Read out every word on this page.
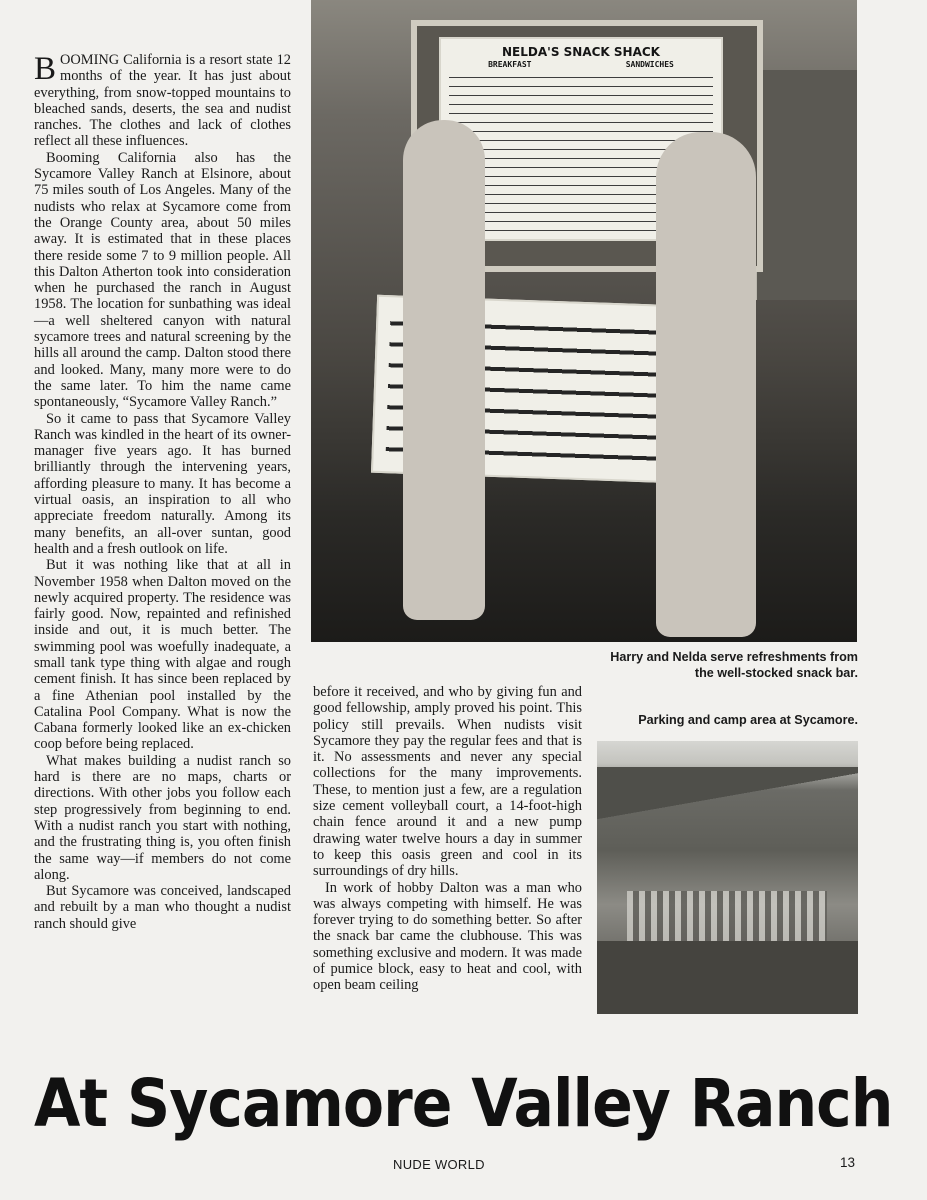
BOOMING California is a resort state 12 months of the year. It has just about everything, from snow-topped mountains to bleached sands, deserts, the sea and nudist ranches. The clothes and lack of clothes reflect all these influences.

Booming California also has the Sycamore Valley Ranch at Elsinore, about 75 miles south of Los Angeles. Many of the nudists who relax at Sycamore come from the Orange County area, about 50 miles away. It is estimated that in these places there reside some 7 to 9 million people. All this Dalton Atherton took into consideration when he purchased the ranch in August 1958. The location for sunbathing was ideal—a well sheltered canyon with natural sycamore trees and natural screening by the hills all around the camp. Dalton stood there and looked. Many, many more were to do the same later. To him the name came spontaneously, “Sycamore Valley Ranch.”

So it came to pass that Sycamore Valley Ranch was kindled in the heart of its owner-manager five years ago. It has burned brilliantly through the intervening years, affording pleasure to many. It has become a virtual oasis, an inspiration to all who appreciate freedom naturally. Among its many benefits, an all-over suntan, good health and a fresh outlook on life.

But it was nothing like that at all in November 1958 when Dalton moved on the newly acquired property. The residence was fairly good. Now, repainted and refinished inside and out, it is much better. The swimming pool was woefully inadequate, a small tank type thing with algae and rough cement finish. It has since been replaced by a fine Athenian pool installed by the Catalina Pool Company. What is now the Cabana formerly looked like an ex-chicken coop before being replaced.

What makes building a nudist ranch so hard is there are no maps, charts or directions. With other jobs you follow each step progressively from beginning to end. With a nudist ranch you start with nothing, and the frustrating thing is, you often finish the same way—if members do not come along.

But Sycamore was conceived, landscaped and rebuilt by a man who thought a nudist ranch should give

NELDA'S SNACK SHACK
BREAKFAST	SANDWICHES
Harry and Nelda serve refreshments from the well-stocked snack bar.
Parking and camp area at Sycamore.

before it received, and who by giving fun and good fellowship, amply proved his point. This policy still prevails. When nudists visit Sycamore they pay the regular fees and that is it. No assessments and never any special collections for the many improvements. These, to mention just a few, are a regulation size cement volleyball court, a 14-foot-high chain fence around it and a new pump drawing water twelve hours a day in summer to keep this oasis green and cool in its surroundings of dry hills.

In work of hobby Dalton was a man who was always competing with himself. He was forever trying to do something better. So after the snack bar came the clubhouse. This was something exclusive and modern. It was made of pumice block, easy to heat and cool, with open beam ceiling

At Sycamore Valley Ranch
NUDE WORLD	13
